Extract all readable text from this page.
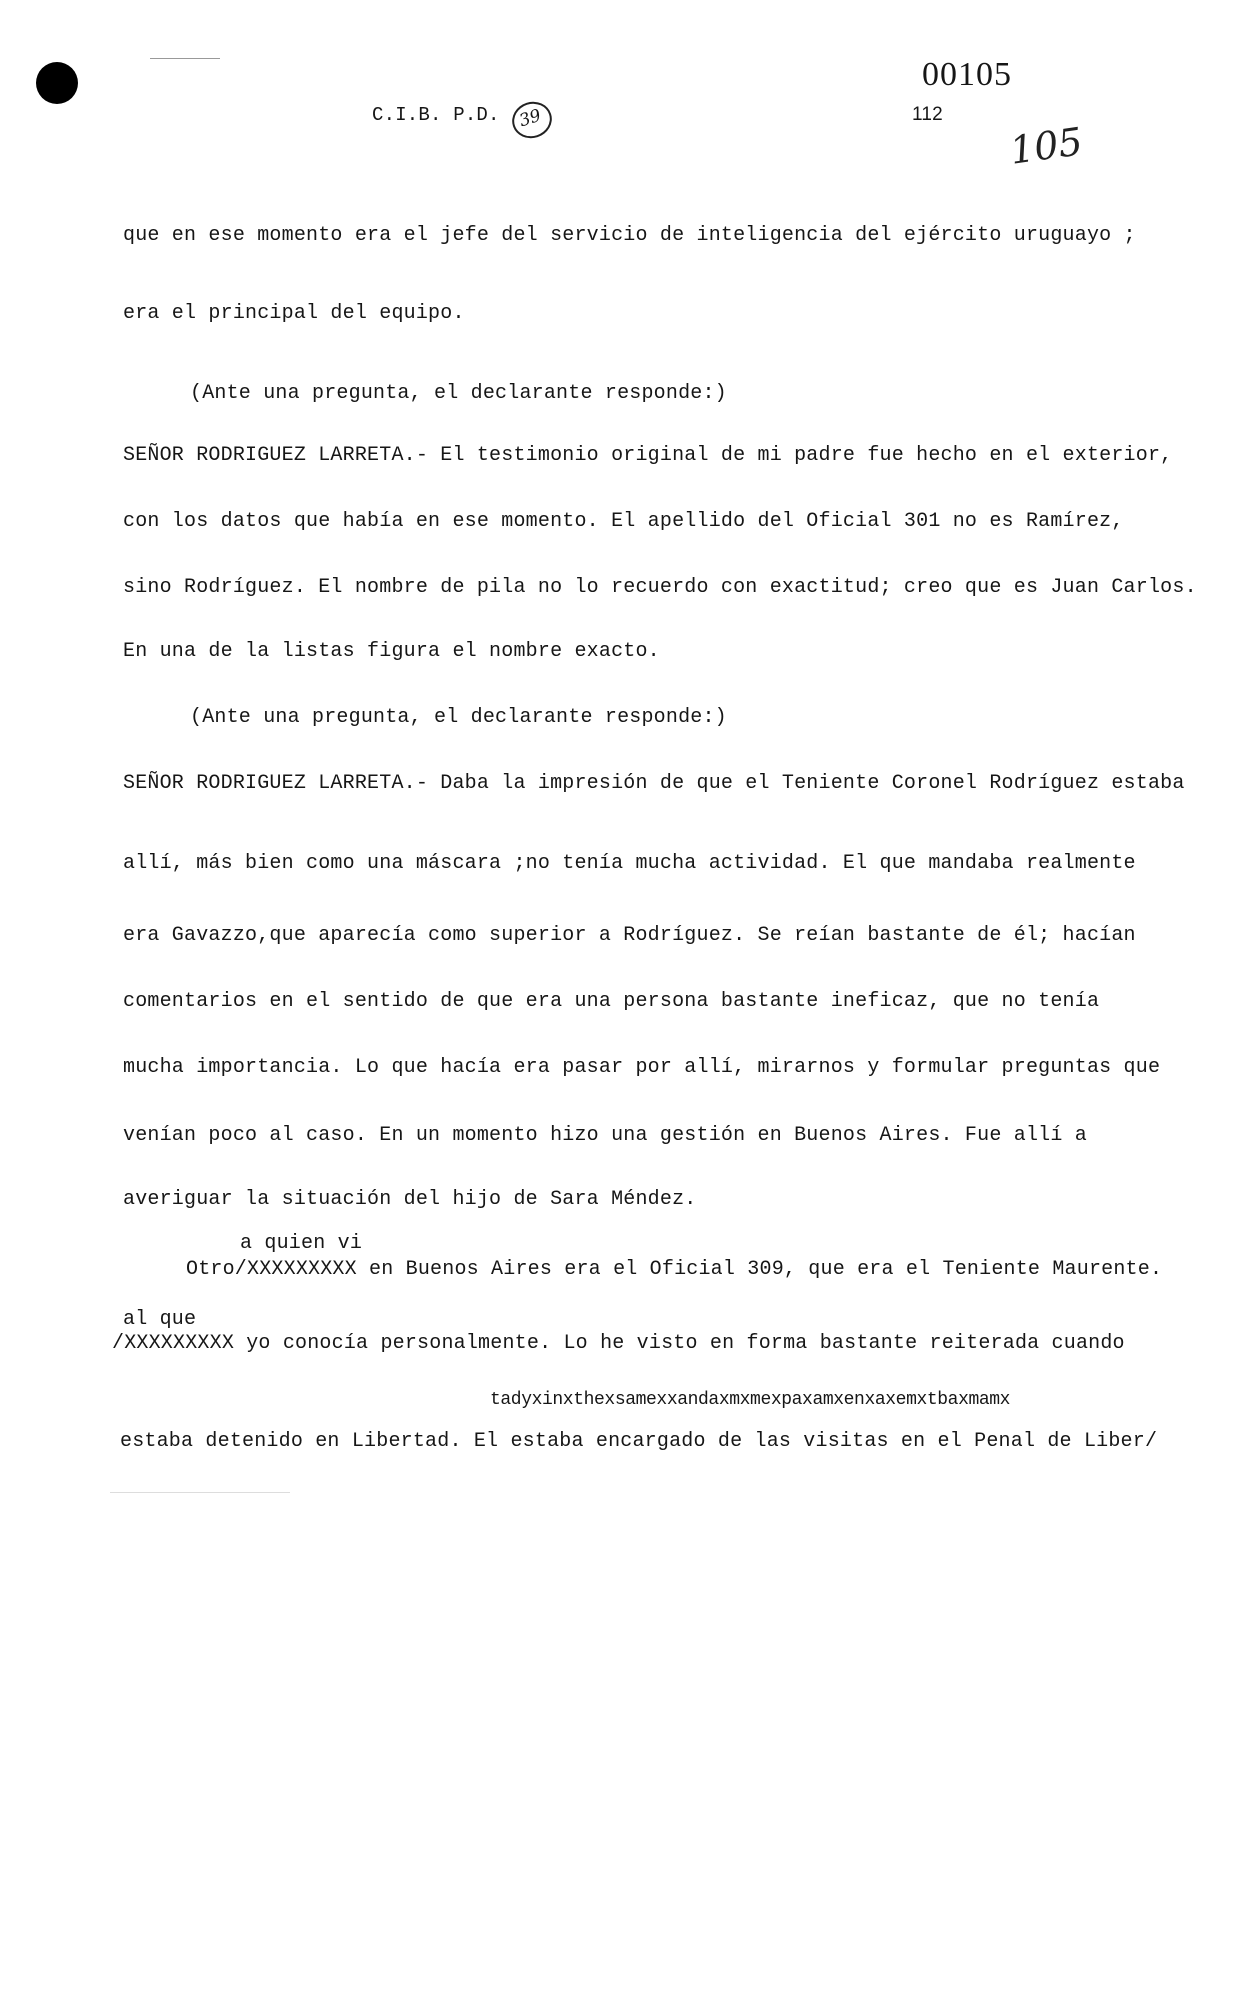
C.I.B. P.D. 39
00105
112
105
que en ese momento era el jefe del servicio de inteligencia del ejército uruguayo ;
era el principal del equipo.
(Ante una pregunta, el declarante responde:)
SEÑOR RODRIGUEZ LARRETA.- El testimonio original de mi padre fue hecho en el exterior,
con los datos que había en ese momento. El apellido del Oficial 301 no es Ramírez,
sino Rodríguez. El nombre de pila no lo recuerdo con exactitud; creo que es Juan Carlos.
En una de la listas figura el nombre exacto.
(Ante una pregunta, el declarante responde:)
SEÑOR RODRIGUEZ LARRETA.- Daba la impresión de que el Teniente Coronel Rodríguez estaba
allí, más bien como una máscara ;no tenía mucha actividad. El que mandaba realmente
era Gavazzo,que aparecía como superior a Rodríguez. Se reían bastante de él; hacían
comentarios en el sentido de que era una persona bastante ineficaz, que no tenía
mucha importancia. Lo que hacía era pasar por allí, mirarnos y formular preguntas que
venían poco al caso. En un momento hizo una gestión en Buenos Aires. Fue allí a
averiguar la situación del hijo de Sara Méndez.
a quien vi
Otro/XXXXXXXXX en Buenos Aires era el Oficial 309, que era el Teniente Maurente.
al que
/XXXXXXXXX yo conocía personalmente. Lo he visto en forma bastante reiterada cuando
tadyxinxthexsamexxandaxmxmexpaxamxenxaxemxtbaxmamx
estaba detenido en Libertad. El estaba encargado de las visitas en el Penal de Liber/
